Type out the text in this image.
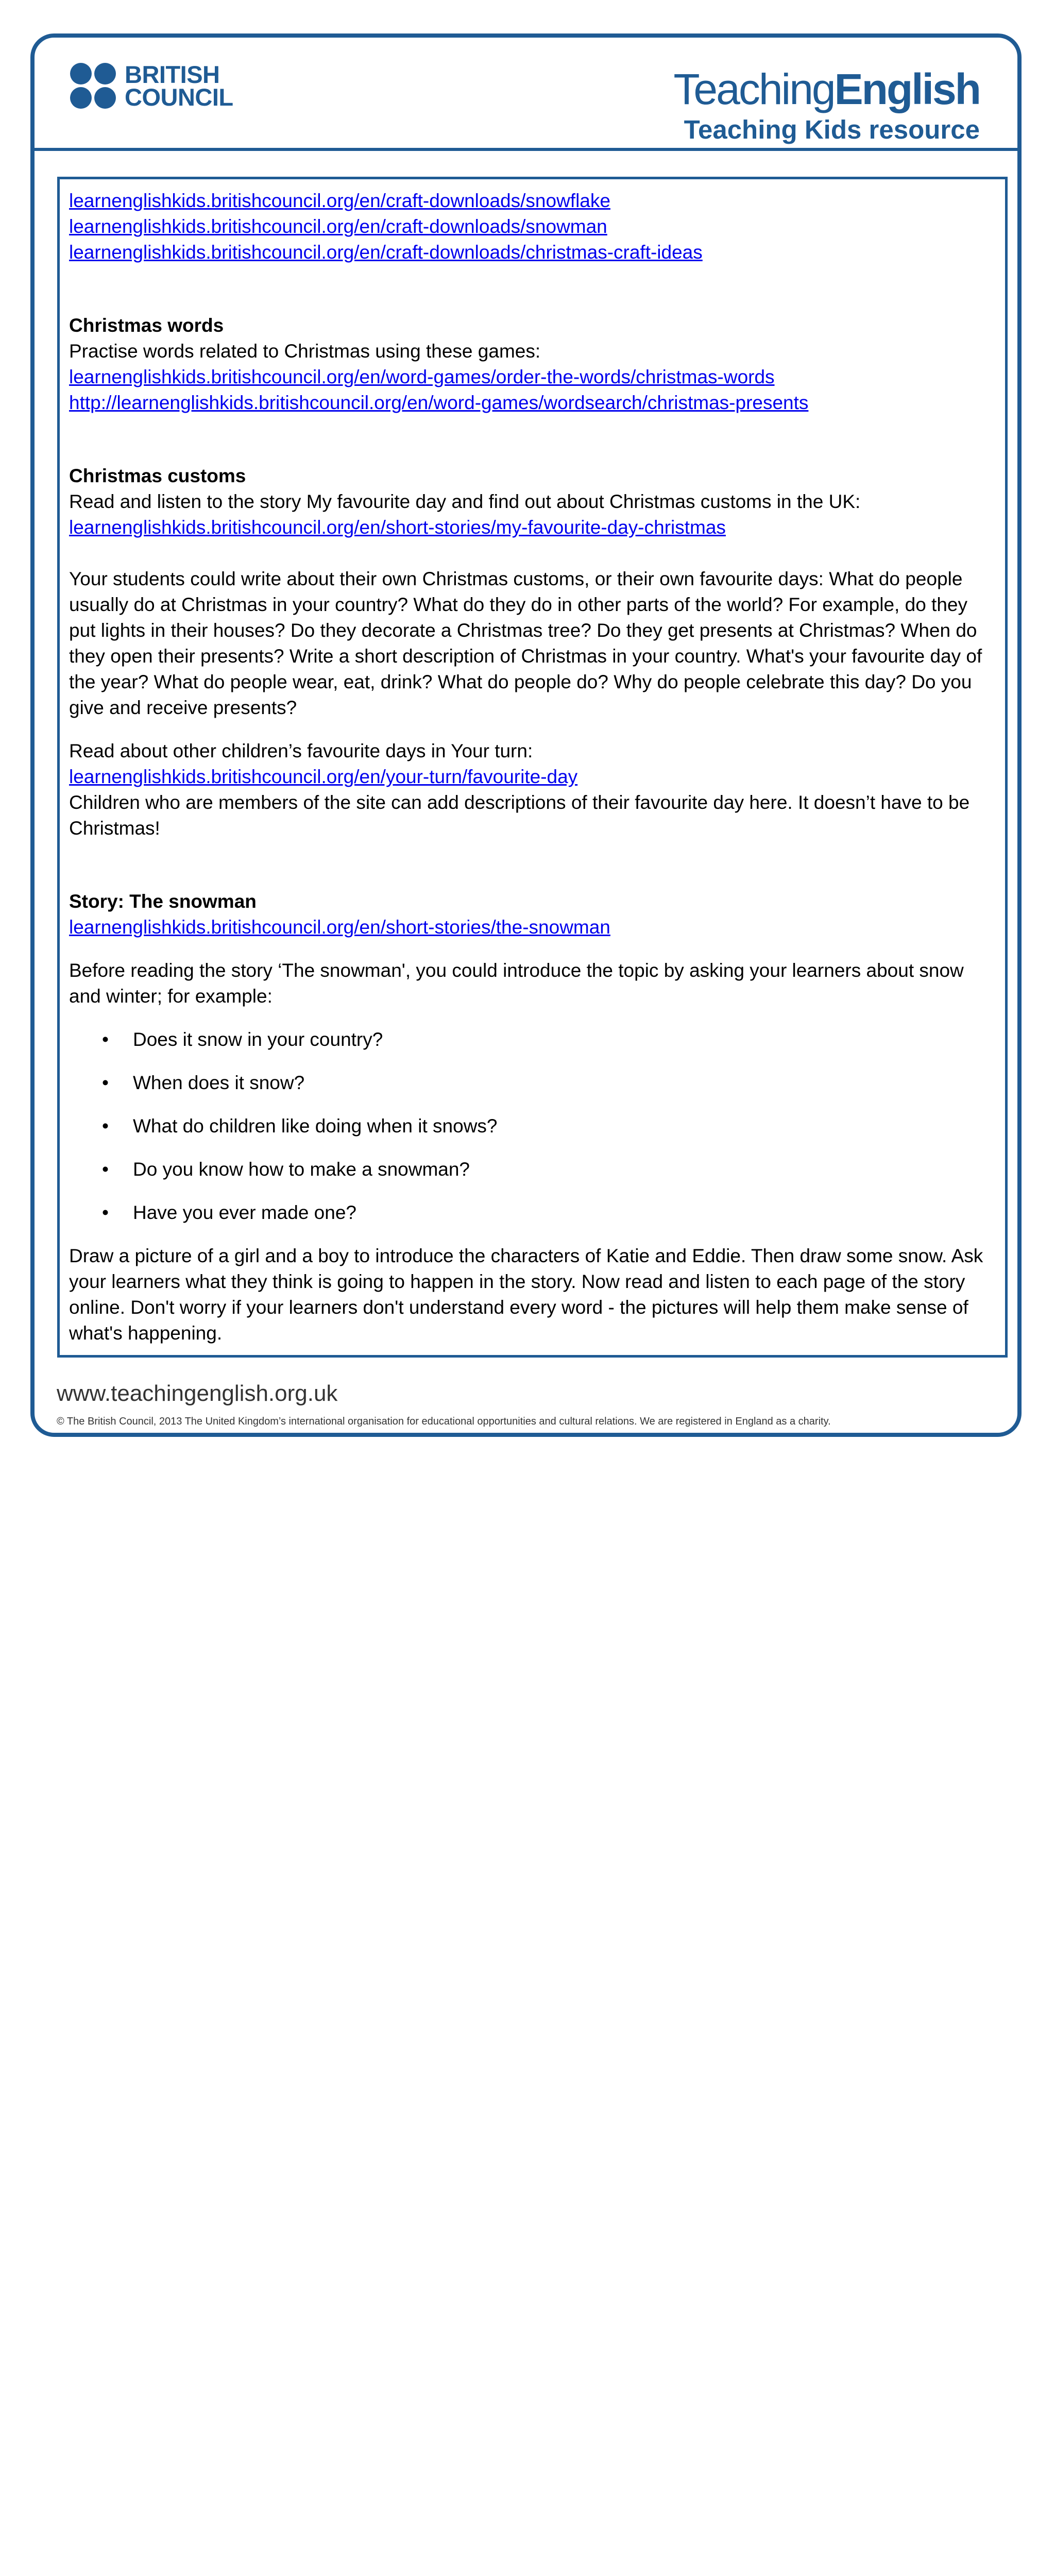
BRITISH
COUNCIL	TeachingEnglish
Teaching Kids resource
learnenglishkids.britishcouncil.org/en/craft-downloads/snowflake
learnenglishkids.britishcouncil.org/en/craft-downloads/snowman
learnenglishkids.britishcouncil.org/en/craft-downloads/christmas-craft-ideas
Christmas words

Practise words related to Christmas using these games:

learnenglishkids.britishcouncil.org/en/word-games/order-the-words/christmas-words
http://learnenglishkids.britishcouncil.org/en/word-games/wordsearch/christmas-presents
Christmas customs

Read and listen to the story My favourite day and find out about Christmas customs in the UK:

learnenglishkids.britishcouncil.org/en/short-stories/my-favourite-day-christmas

Your students could write about their own Christmas customs, or their own favourite days: What do people usually do at Christmas in your country? What do they do in other parts of the world? For example, do they put lights in their houses? Do they decorate a Christmas tree? Do they get presents at Christmas? When do they open their presents? Write a short description of Christmas in your country. What's your favourite day of the year? What do people wear, eat, drink? What do people do? Why do people celebrate this day? Do you give and receive presents?

Read about other children’s favourite days in Your turn:

learnenglishkids.britishcouncil.org/en/your-turn/favourite-day

Children who are members of the site can add descriptions of their favourite day here. It doesn’t have to be Christmas!

Story: The snowman
learnenglishkids.britishcouncil.org/en/short-stories/the-snowman

Before reading the story ‘The snowman', you could introduce the topic by asking your learners about snow and winter; for example:

• Does it snow in your country?
• When does it snow?
• What do children like doing when it snows?
• Do you know how to make a snowman?
• Have you ever made one?

Draw a picture of a girl and a boy to introduce the characters of Katie and Eddie. Then draw some snow. Ask your learners what they think is going to happen in the story. Now read and listen to each page of the story online. Don't worry if your learners don't understand every word - the pictures will help them make sense of what's happening.

www.teachingenglish.org.uk
© The British Council, 2013 The United Kingdom’s international organisation for educational opportunities and cultural relations. We are registered in England as a charity.
